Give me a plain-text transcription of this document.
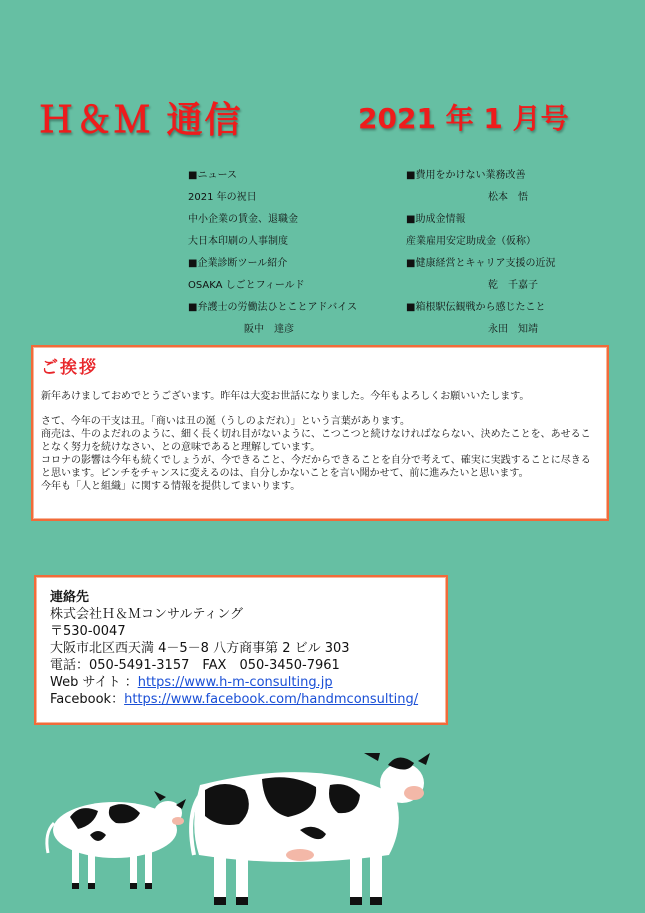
Ｈ＆Ｍ 通信	2021 年 1 月号
■ニュース
2021 年の祝日
中小企業の賃金、退職金
大日本印刷の人事制度
■企業診断ツール紹介
OSAKA しごとフィールド
■弁護士の労働法ひとことアドバイス
阪中　達彦
■費用をかけない業務改善
松本　悟
■助成金情報
産業雇用安定助成金（仮称）
■健康経営とキャリア支援の近況
乾　千嘉子
■箱根駅伝観戦から感じたこと
永田　知靖
ご挨拶

新年あけましておめでとうございます。昨年は大変お世話になりました。今年もよろしくお願いいたします。

さて、今年の干支は丑。「商いは丑の涎（うしのよだれ）」という言葉があります。

商売は、牛のよだれのように、細く長く切れ目がないように、こつこつと続けなければならない、決めたことを、あせることなく努力を続けなさい、との意味であると理解しています。

コロナの影響は今年も続くでしょうが、今できること、今だからできることを自分で考えて、確実に実践することに尽きると思います。ピンチをチャンスに変えるのは、自分しかないことを言い聞かせて、前に進みたいと思います。

今年も「人と組織」に関する情報を提供してまいります。

連絡先
株式会社Ｈ＆Ｍコンサルティング
〒530-0047
大阪市北区西天満 4－5－8 八方商事第 2 ビル 303
電話：050-5491-3157　FAX　050-3450-7961
Web サイト ：https://www.h-m-consulting.jp
Facebook：https://www.facebook.com/handmconsulting/
